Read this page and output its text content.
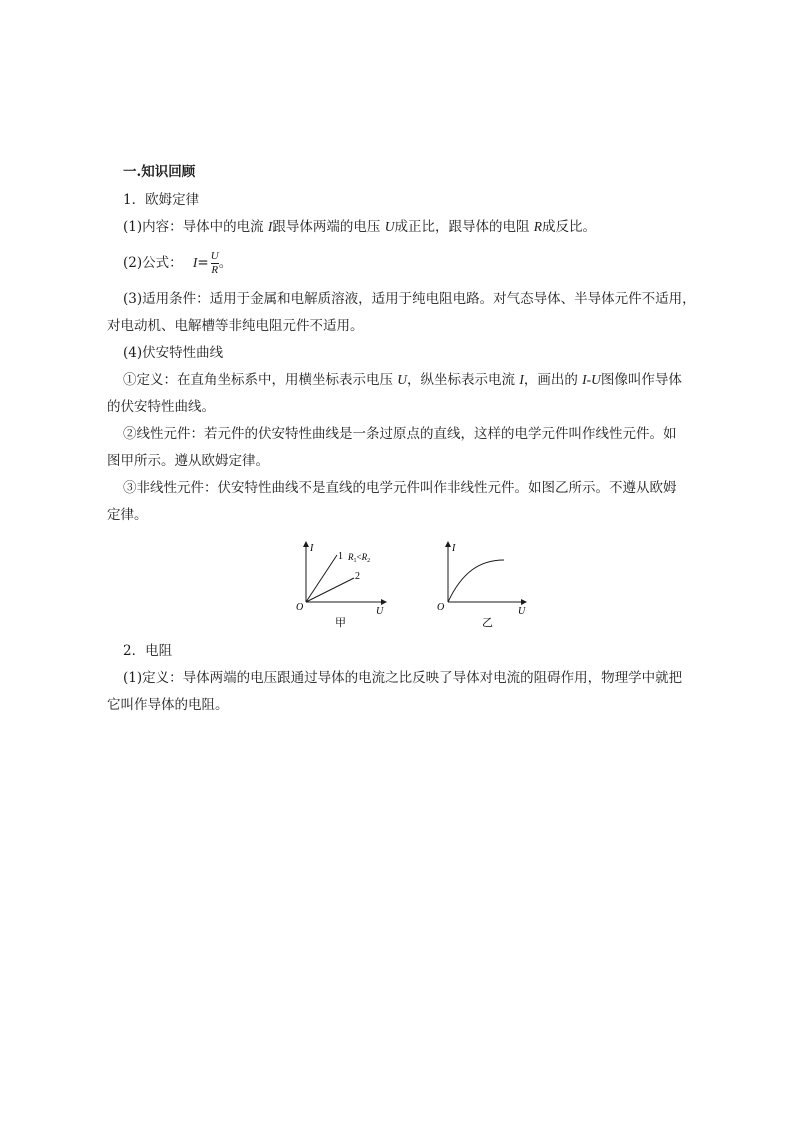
一.知识回顾
1．欧姆定律
(1)内容：导体中的电流 I跟导体两端的电压 U成正比，跟导体的电阻 R成反比。
(2)公式： $I= \frac{U}{R}$ 。
(3)适用条件：适用于金属和电解质溶液，适用于纯电阻电路。对气态导体、半导体元件不适用，
对电动机、电解槽等非纯电阻元件不适用。
(4)伏安特性曲线
①定义：在直角坐标系中，用横坐标表示电压 U，纵坐标表示电流 I，画出的 I-U图像叫作导体
的伏安特性曲线。
②线性元件：若元件的伏安特性曲线是一条过原点的直线，这样的电学元件叫作线性元件。如
图甲所示。遵从欧姆定律。
③非线性元件：伏安特性曲线不是直线的电学元件叫作非线性元件。如图乙所示。不遵从欧姆
定律。
I
U
O
1
2
$R_1<R_2$
甲
I
U
O
乙
2．电阻
(1)定义：导体两端的电压跟通过导体的电流之比反映了导体对电流的阻碍作用，物理学中就把
它叫作导体的电阻。
